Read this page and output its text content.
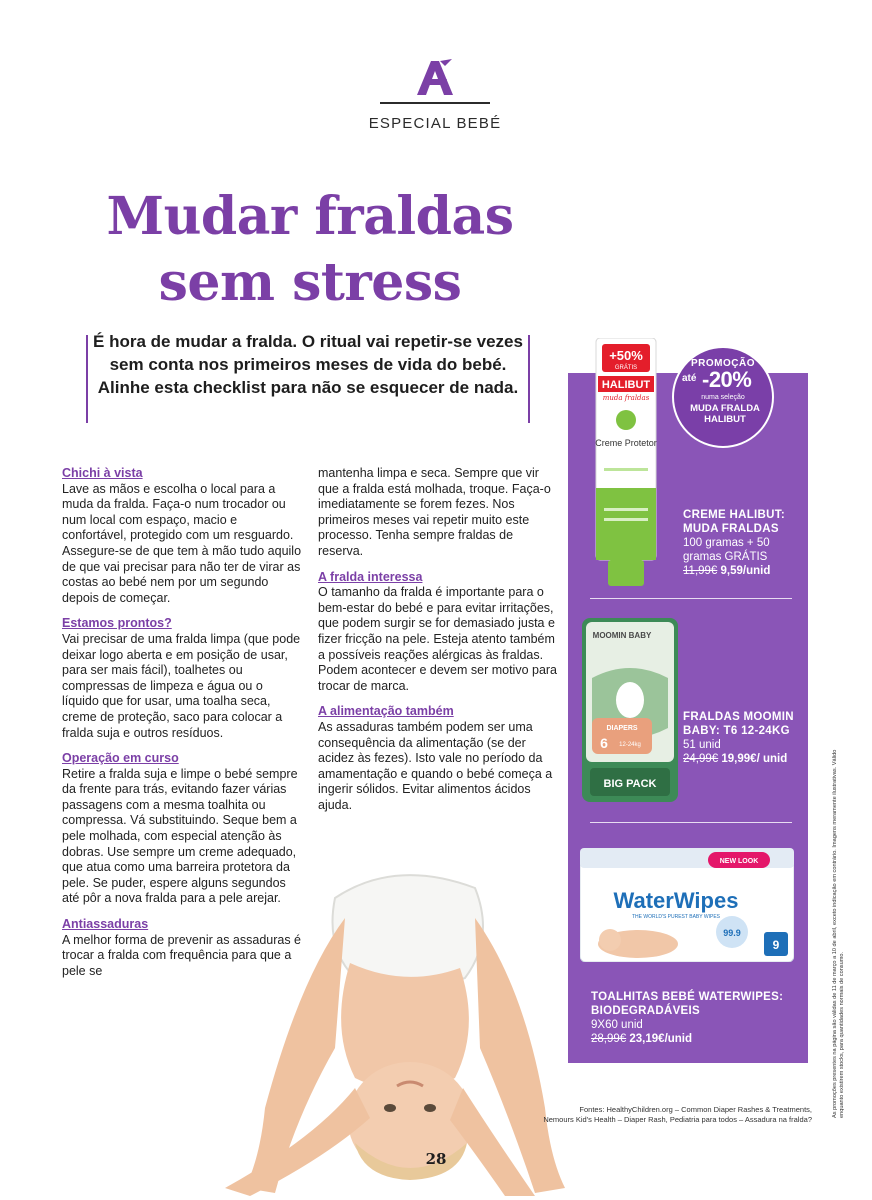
ESPECIAL BEBÉ
Mudar fraldas
sem stress
É hora de mudar a fralda. O ritual vai repetir-se vezes sem conta nos primeiros meses de vida do bebé. Alinhe esta checklist para não se esquecer de nada.
Chichi à vista
Lave as mãos e escolha o local para a muda da fralda. Faça-o num trocador ou num local com espaço, macio e confortável, protegido com um resguardo. Assegure-se de que tem à mão tudo aquilo de que vai precisar para não ter de virar as costas ao bebé nem por um segundo depois de começar.
Estamos prontos?
Vai precisar de uma fralda limpa (que pode deixar logo aberta e em posição de usar, para ser mais fácil), toalhetes ou compressas de limpeza e água ou o líquido que for usar, uma toalha seca, creme de proteção, saco para colocar a fralda suja e outros resíduos.
Operação em curso
Retire a fralda suja e limpe o bebé sempre da frente para trás, evitando fazer várias passagens com a mesma toalhita ou compressa. Vá substituindo. Seque bem a pele molhada, com especial atenção às dobras. Use sempre um creme adequado, que atua como uma barreira protetora da pele. Se puder, espere alguns segundos até pôr a nova fralda para a pele arejar.
Antiassaduras
A melhor forma de prevenir as assaduras é trocar a fralda com frequência para que a pele se
mantenha limpa e seca. Sempre que vir que a fralda está molhada, troque. Faça-o imediatamente se forem fezes. Nos primeiros meses vai repetir muito este processo. Tenha sempre fraldas de reserva.
A fralda interessa
O tamanho da fralda é importante para o bem-estar do bebé e para evitar irritações, que podem surgir se for demasiado justa e fizer fricção na pele. Esteja atento também a possíveis reações alérgicas às fraldas. Podem acontecer e devem ser motivo para trocar de marca.
A alimentação também
As assaduras também podem ser uma consequência da alimentação (se der acidez às fezes). Isto vale no período da amamentação e quando o bebé começa a ingerir sólidos. Evitar alimentos ácidos ajuda.
+50%
GRÁTIS
HALIBUT
muda fraldas
Creme Protetor
PROMOÇÃO
até -20%
numa seleção
MUDA FRALDA HALIBUT
CREME HALIBUT: MUDA FRALDAS
100 gramas + 50 gramas GRÁTIS
11,99€ 9,59/unid
MOOMIN BABY
DIAPERS
6 12-24kg
BIG PACK
FRALDAS MOOMIN BABY: T6 12-24KG
51 unid
24,99€ 19,99€/ unid
NEW LOOK
WaterWipes
THE WORLD'S PUREST BABY WIPES
99.9
9
TOALHITAS BEBÉ WATERWIPES: BIODEGRADÁVEIS
9X60 unid
28,99€ 23,19€/unid
Fontes: HealthyChildren.org – Common Diaper Rashes & Treatments,
Nemours Kid's Health – Diaper Rash, Pediatria para todos – Assadura na fralda?
28
As promoções presentes na página são válidas de 11 de março a 10 de abril, exceto indicação em contrário. Imagens meramente ilustrativas. Válido enquanto existirem stocks, para quantidades normais de consumo.
